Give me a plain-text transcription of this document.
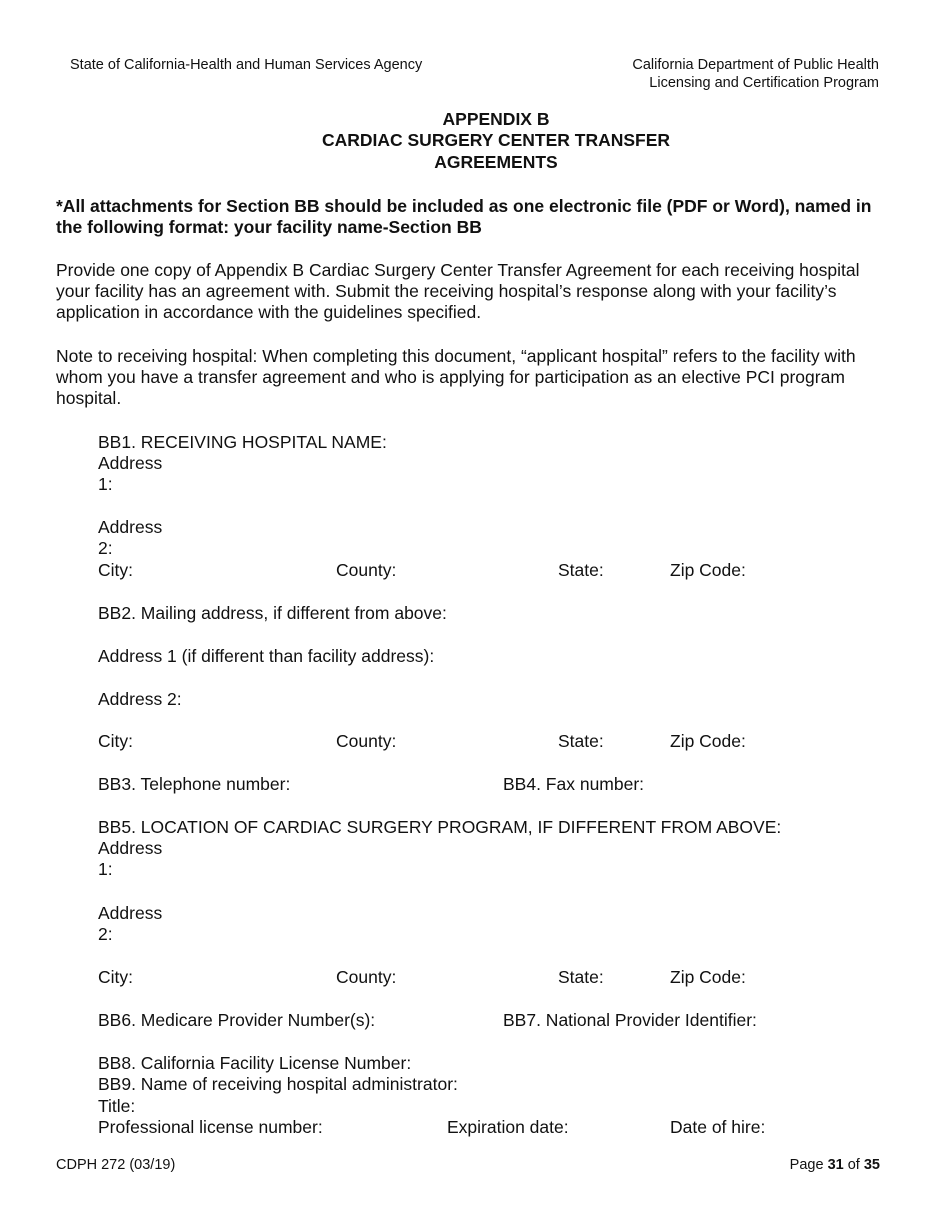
State of California-Health and Human Services Agency	California Department of Public Health
Licensing and Certification Program
APPENDIX B
CARDIAC SURGERY CENTER TRANSFER
AGREEMENTS
*All attachments for Section BB should be included as one electronic file (PDF or Word), named in the following format: your facility name-Section BB
Provide one copy of Appendix B Cardiac Surgery Center Transfer Agreement for each receiving hospital your facility has an agreement with. Submit the receiving hospital’s response along with your facility’s application in accordance with the guidelines specified.
Note to receiving hospital: When completing this document, “applicant hospital” refers to the facility with whom you have a transfer agreement and who is applying for participation as an elective PCI program hospital.
BB1. RECEIVING HOSPITAL NAME:
Address
1:
Address
2:
City:	County:	State:	Zip Code:
BB2. Mailing address, if different from above:
Address 1 (if different than facility address):
Address 2:
City:	County:	State:	Zip Code:
BB3. Telephone number:	BB4. Fax number:
BB5. LOCATION OF CARDIAC SURGERY PROGRAM, IF DIFFERENT FROM ABOVE:
Address
1:
Address
2:
City:	County:	State:	Zip Code:
BB6. Medicare Provider Number(s):	BB7. National Provider Identifier:
BB8. California Facility License Number:
BB9. Name of receiving hospital administrator:
Title:
Professional license number:	Expiration date:	Date of hire:
CDPH 272 (03/19)	Page 31 of 35
